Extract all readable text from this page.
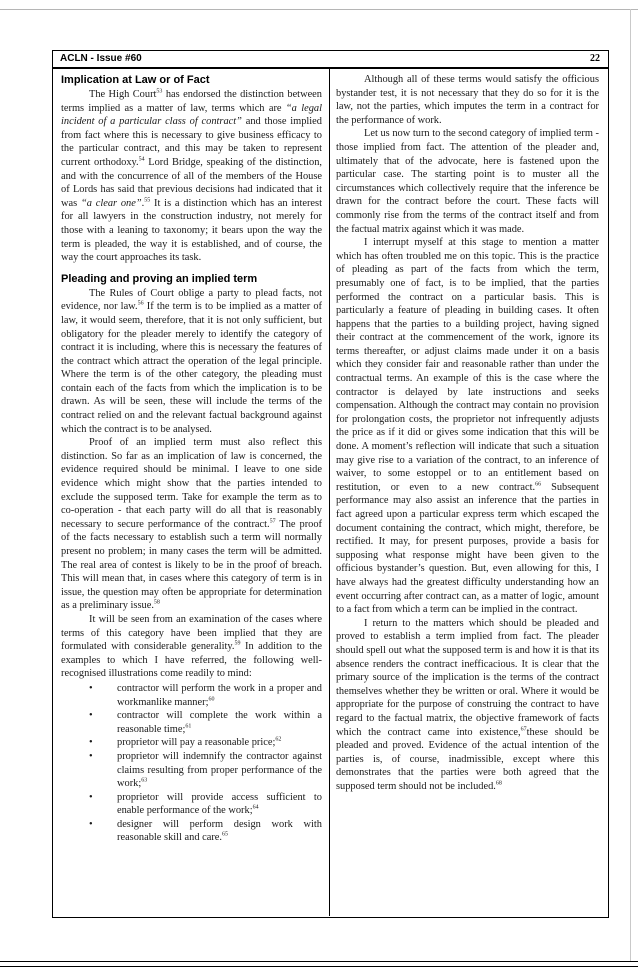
ACLN - Issue #60	22
Implication at Law or of Fact

The High Court$^{53}$ has endorsed the distinction between terms implied as a matter of law, terms which are “a legal incident of a particular class of contract” and those implied from fact where this is necessary to give business efficacy to the particular contract, and this may be taken to represent current orthodoxy.$^{54}$ Lord Bridge, speaking of the distinction, and with the concurrence of all of the members of the House of Lords has said that previous decisions had indicated that it was “a clear one”.$^{55}$ It is a distinction which has an interest for all lawyers in the construction industry, not merely for those with a leaning to taxonomy; it bears upon the way the term is pleaded, the way it is established, and of course, the way the court approaches its task.

Pleading and proving an implied term

The Rules of Court oblige a party to plead facts, not evidence, nor law.$^{56}$ If the term is to be implied as a matter of law, it would seem, therefore, that it is not only sufficient, but obligatory for the pleader merely to identify the category of contract it is including, where this is necessary the features of the contract which attract the operation of the legal principle. Where the term is of the other category, the pleading must contain each of the facts from which the implication is to be drawn. As will be seen, these will include the terms of the contract relied on and the relevant factual background against which the contract is to be analysed.

Proof of an implied term must also reflect this distinction. So far as an implication of law is concerned, the evidence required should be minimal. I leave to one side evidence which might show that the parties intended to exclude the supposed term. Take for example the term as to co-operation - that each party will do all that is reasonably necessary to secure performance of the contract.$^{57}$ The proof of the facts necessary to establish such a term will normally present no problem; in many cases the term will be admitted. The real area of contest is likely to be in the proof of breach. This will mean that, in cases where this category of term is in issue, the question may often be appropriate for determination as a preliminary issue.$^{58}$

It will be seen from an examination of the cases where terms of this category have been implied that they are formulated with considerable generality.$^{59}$ In addition to the examples to which I have referred, the following well-recognised illustrations come readily to mind:

• contractor will perform the work in a proper and workmanlike manner;$^{60}$
• contractor will complete the work within a reasonable time;$^{61}$
• proprietor will pay a reasonable price;$^{62}$
• proprietor will indemnify the contractor against claims resulting from proper performance of the work;$^{63}$
• proprietor will provide access sufficient to enable performance of the work;$^{64}$
• designer will perform design work with reasonable skill and care.$^{65}$

Although all of these terms would satisfy the officious bystander test, it is not necessary that they do so for it is the law, not the parties, which imputes the term in a contract for the performance of work.

Let us now turn to the second category of implied term - those implied from fact. The attention of the pleader and, ultimately that of the advocate, here is fastened upon the particular case. The starting point is to muster all the circumstances which collectively require that the inference be drawn for the contract before the court. These facts will commonly rise from the terms of the contract itself and from the factual matrix against which it was made.

I interrupt myself at this stage to mention a matter which has often troubled me on this topic. This is the practice of pleading as part of the facts from which the term, presumably one of fact, is to be implied, that the parties performed the contract on a particular basis. This is particularly a feature of pleading in building cases. It often happens that the parties to a building project, having signed their contract at the commencement of the work, ignore its terms thereafter, or adjust claims made under it on a basis which they consider fair and reasonable rather than under the contractual terms. An example of this is the case where the contractor is delayed by late instructions and seeks compensation. Although the contract may contain no provision for prolongation costs, the proprietor not infrequently adjusts the price as if it did or gives some indication that this will be done. A moment’s reflection will indicate that such a situation may give rise to a variation of the contract, to an inference of waiver, to some estoppel or to an entitlement based on restitution, or even to a new contract.$^{66}$ Subsequent performance may also assist an inference that the parties in fact agreed upon a particular express term which escaped the document containing the contract, which might, therefore, be rectified. It may, for present purposes, provide a basis for supposing what response might have been given to the officious bystander’s question. But, even allowing for this, I have always had the greatest difficulty understanding how an event occurring after contract can, as a matter of logic, amount to a fact from which a term can be implied in the contract.

I return to the matters which should be pleaded and proved to establish a term implied from fact. The pleader should spell out what the supposed term is and how it is that its absence renders the contract inefficacious. It is clear that the primary source of the implication is the terms of the contract themselves whether they be written or oral. Where it would be appropriate for the purpose of construing the contract to have regard to the factual matrix, the objective framework of facts which the contract came into existence,$^{67}$these should be pleaded and proved. Evidence of the actual intention of the parties is, of course, inadmissible, except where this demonstrates that the parties were both agreed that the supposed term should not be included.$^{68}$
